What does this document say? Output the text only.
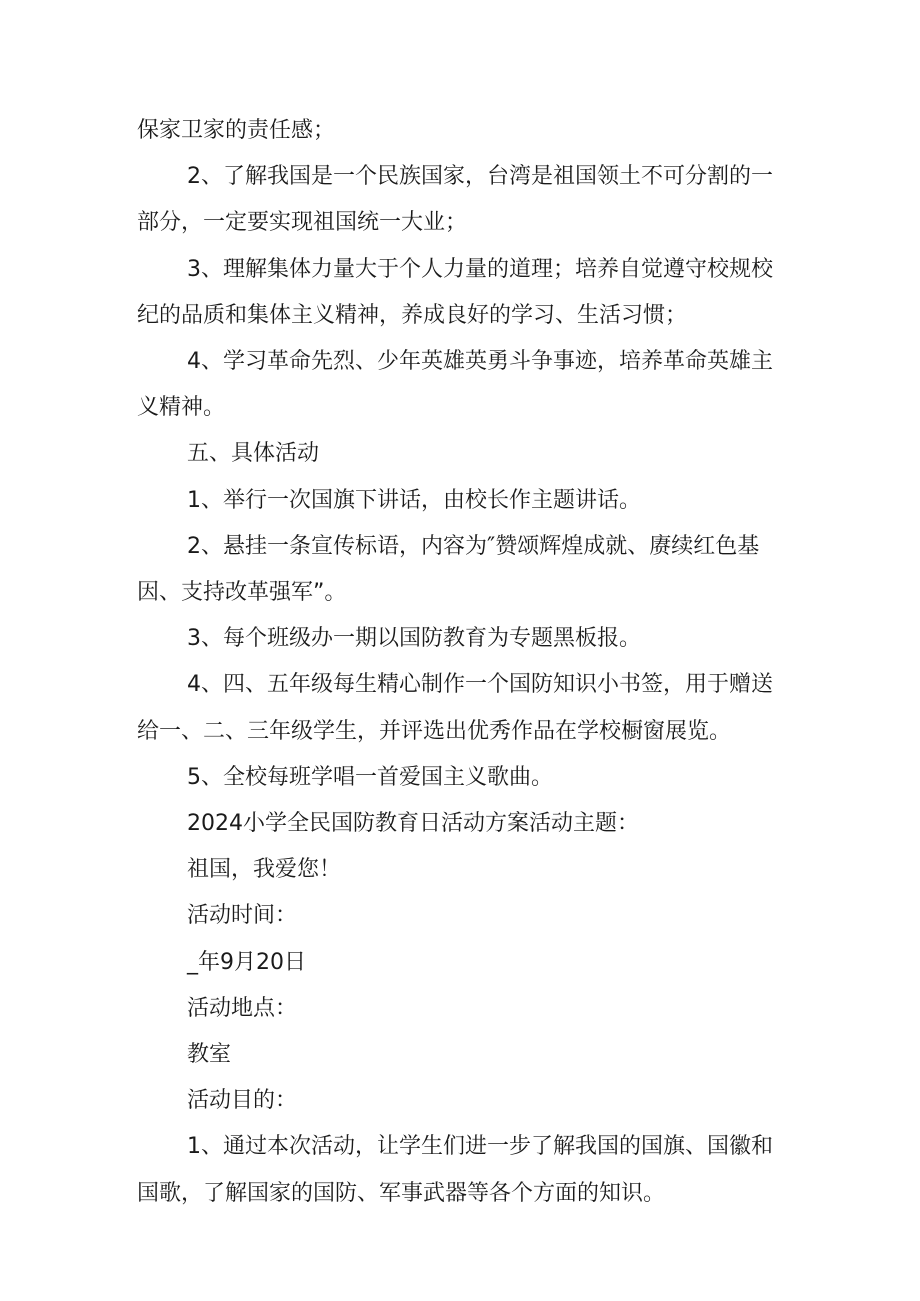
保家卫家的责任感；

2、了解我国是一个民族国家，台湾是祖国领土不可分割的一部分，一定要实现祖国统一大业；

3、理解集体力量大于个人力量的道理；培养自觉遵守校规校纪的品质和集体主义精神，养成良好的学习、生活习惯；

4、学习革命先烈、少年英雄英勇斗争事迹，培养革命英雄主义精神。

五、具体活动

1、举行一次国旗下讲话，由校长作主题讲话。

2、悬挂一条宣传标语，内容为″赞颂辉煌成就、赓续红色基因、支持改革强军”。

3、每个班级办一期以国防教育为专题黑板报。

4、四、五年级每生精心制作一个国防知识小书签，用于赠送给一、二、三年级学生，并评选出优秀作品在学校橱窗展览。

5、全校每班学唱一首爱国主义歌曲。

2024小学全民国防教育日活动方案活动主题：

祖国，我爱您！

活动时间：

_年9月20日

活动地点：

教室

活动目的：

1、通过本次活动，让学生们进一步了解我国的国旗、国徽和国歌，了解国家的国防、军事武器等各个方面的知识。
